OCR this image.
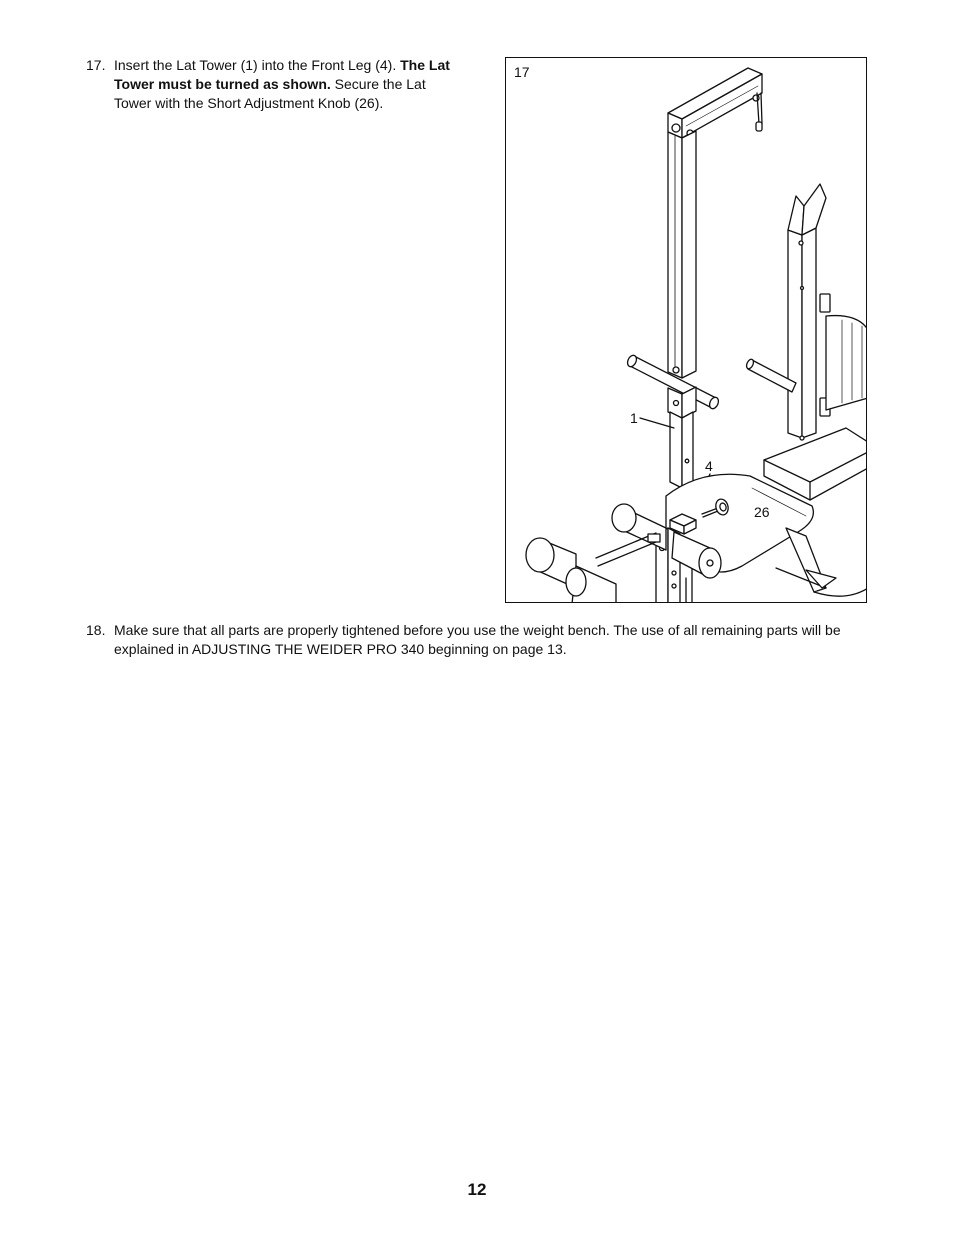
17. Insert the Lat Tower (1) into the Front Leg (4). The Lat Tower must be turned as shown. Secure the Lat Tower with the Short Adjustment Knob (26).
17
1
4
26
18. Make sure that all parts are properly tightened before you use the weight bench. The use of all remaining parts will be explained in ADJUSTING THE WEIDER PRO 340 beginning on page 13.
12
